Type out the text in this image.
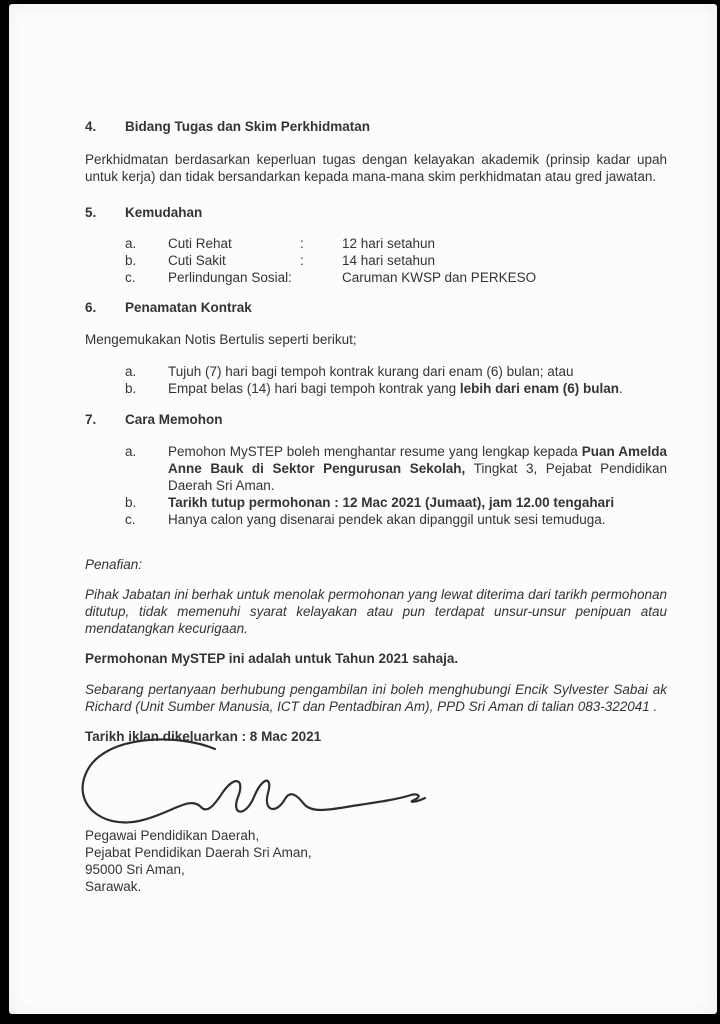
4.	Bidang Tugas dan Skim Perkhidmatan

Perkhidmatan berdasarkan keperluan tugas dengan kelayakan akademik (prinsip kadar upah untuk kerja) dan tidak bersandarkan kepada mana-mana skim perkhidmatan atau gred jawatan.

5.	Kemudahan
a.	Cuti Rehat	:	12 hari setahun
b.	Cuti Sakit	:	14 hari setahun
c.	Perlindungan Sosial:	Caruman KWSP dan PERKESO
6.	Penamatan Kontrak

Mengemukakan Notis Bertulis seperti berikut;

a.	Tujuh (7) hari bagi tempoh kontrak kurang dari enam (6) bulan; atau
b.	Empat belas (14) hari bagi tempoh kontrak yang lebih dari enam (6) bulan.
7.	Cara Memohon
a.	Pemohon MySTEP boleh menghantar resume yang lengkap kepada Puan Amelda Anne Bauk di Sektor Pengurusan Sekolah, Tingkat 3, Pejabat Pendidikan Daerah Sri Aman.
b.	Tarikh tutup permohonan : 12 Mac 2021 (Jumaat), jam 12.00 tengahari
c.	Hanya calon yang disenarai pendek akan dipanggil untuk sesi temuduga.

Penafian:

Pihak Jabatan ini berhak untuk menolak permohonan yang lewat diterima dari tarikh permohonan ditutup, tidak memenuhi syarat kelayakan atau pun terdapat unsur-unsur penipuan atau mendatangkan kecurigaan.

Permohonan MySTEP ini adalah untuk Tahun 2021 sahaja.

Sebarang pertanyaan berhubung pengambilan ini boleh menghubungi Encik Sylvester Sabai ak Richard (Unit Sumber Manusia, ICT dan Pentadbiran Am), PPD Sri Aman di talian 083-322041 .

Tarikh iklan dikeluarkan : 8 Mac 2021

Pegawai Pendidikan Daerah,
Pejabat Pendidikan Daerah Sri Aman,
95000 Sri Aman,
Sarawak.
